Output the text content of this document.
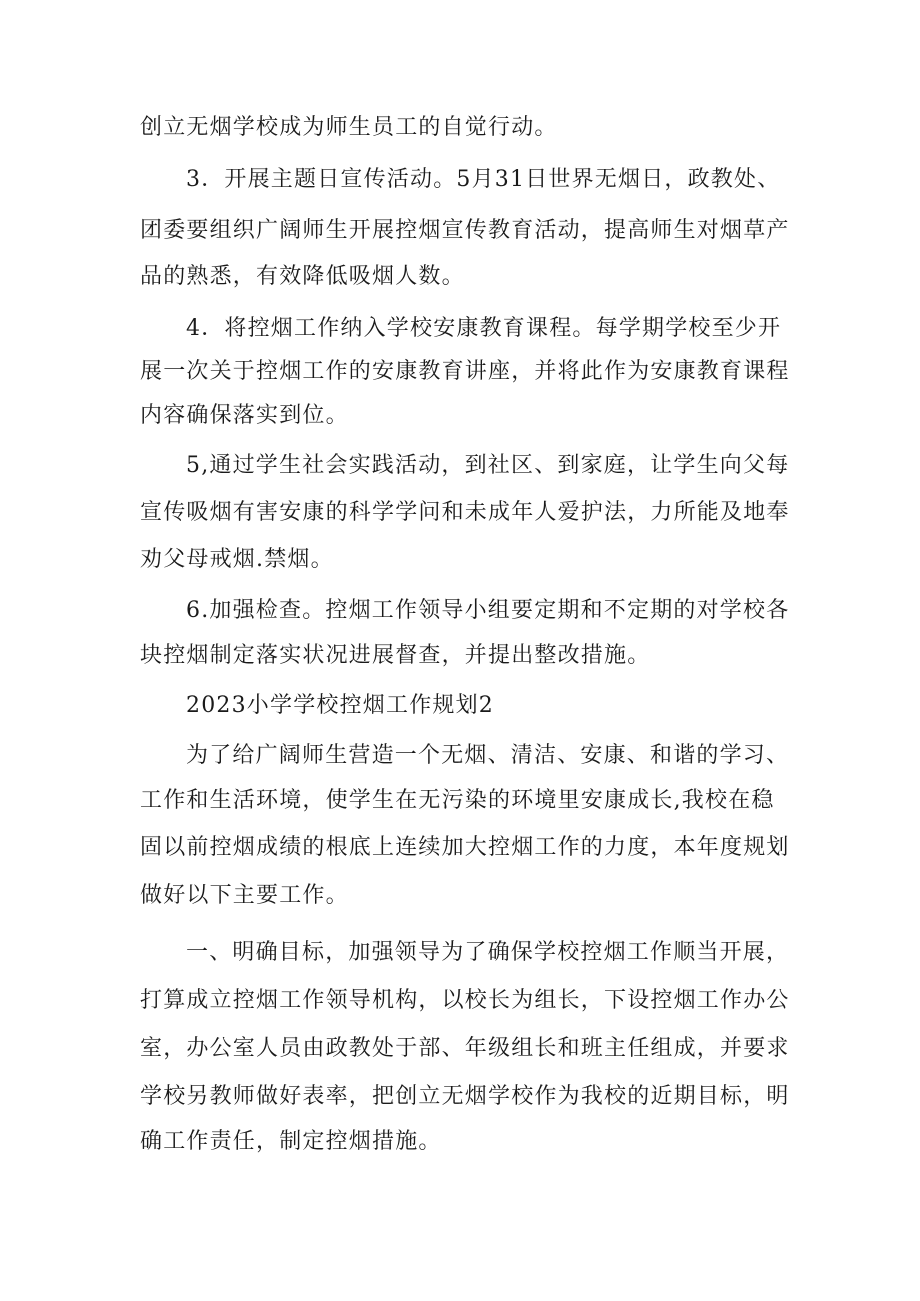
创立无烟学校成为师生员工的自觉行动。
3．开展主题日宣传活动。5月31日世界无烟日，政教处、
团委要组织广阔师生开展控烟宣传教育活动，提高师生对烟草产
品的熟悉，有效降低吸烟人数。
4．将控烟工作纳入学校安康教育课程。每学期学校至少开
展一次关于控烟工作的安康教育讲座，并将此作为安康教育课程
内容确保落实到位。
5,通过学生社会实践活动，到社区、到家庭，让学生向父每
宣传吸烟有害安康的科学学问和未成年人爱护法，力所能及地奉
劝父母戒烟.禁烟。
6.加强检查。控烟工作领导小组要定期和不定期的对学校各
块控烟制定落实状况进展督查，并提出整改措施。
2023小学学校控烟工作规划2
为了给广阔师生营造一个无烟、清洁、安康、和谐的学习、
工作和生活环境，使学生在无污染的环境里安康成长,我校在稳
固以前控烟成绩的根底上连续加大控烟工作的力度，本年度规划
做好以下主要工作。
一、明确目标，加强领导为了确保学校控烟工作顺当开展，
打算成立控烟工作领导机构，以校长为组长，下设控烟工作办公
室，办公室人员由政教处于部、年级组长和班主任组成，并要求
学校另教师做好表率，把创立无烟学校作为我校的近期目标，明
确工作责任，制定控烟措施。
